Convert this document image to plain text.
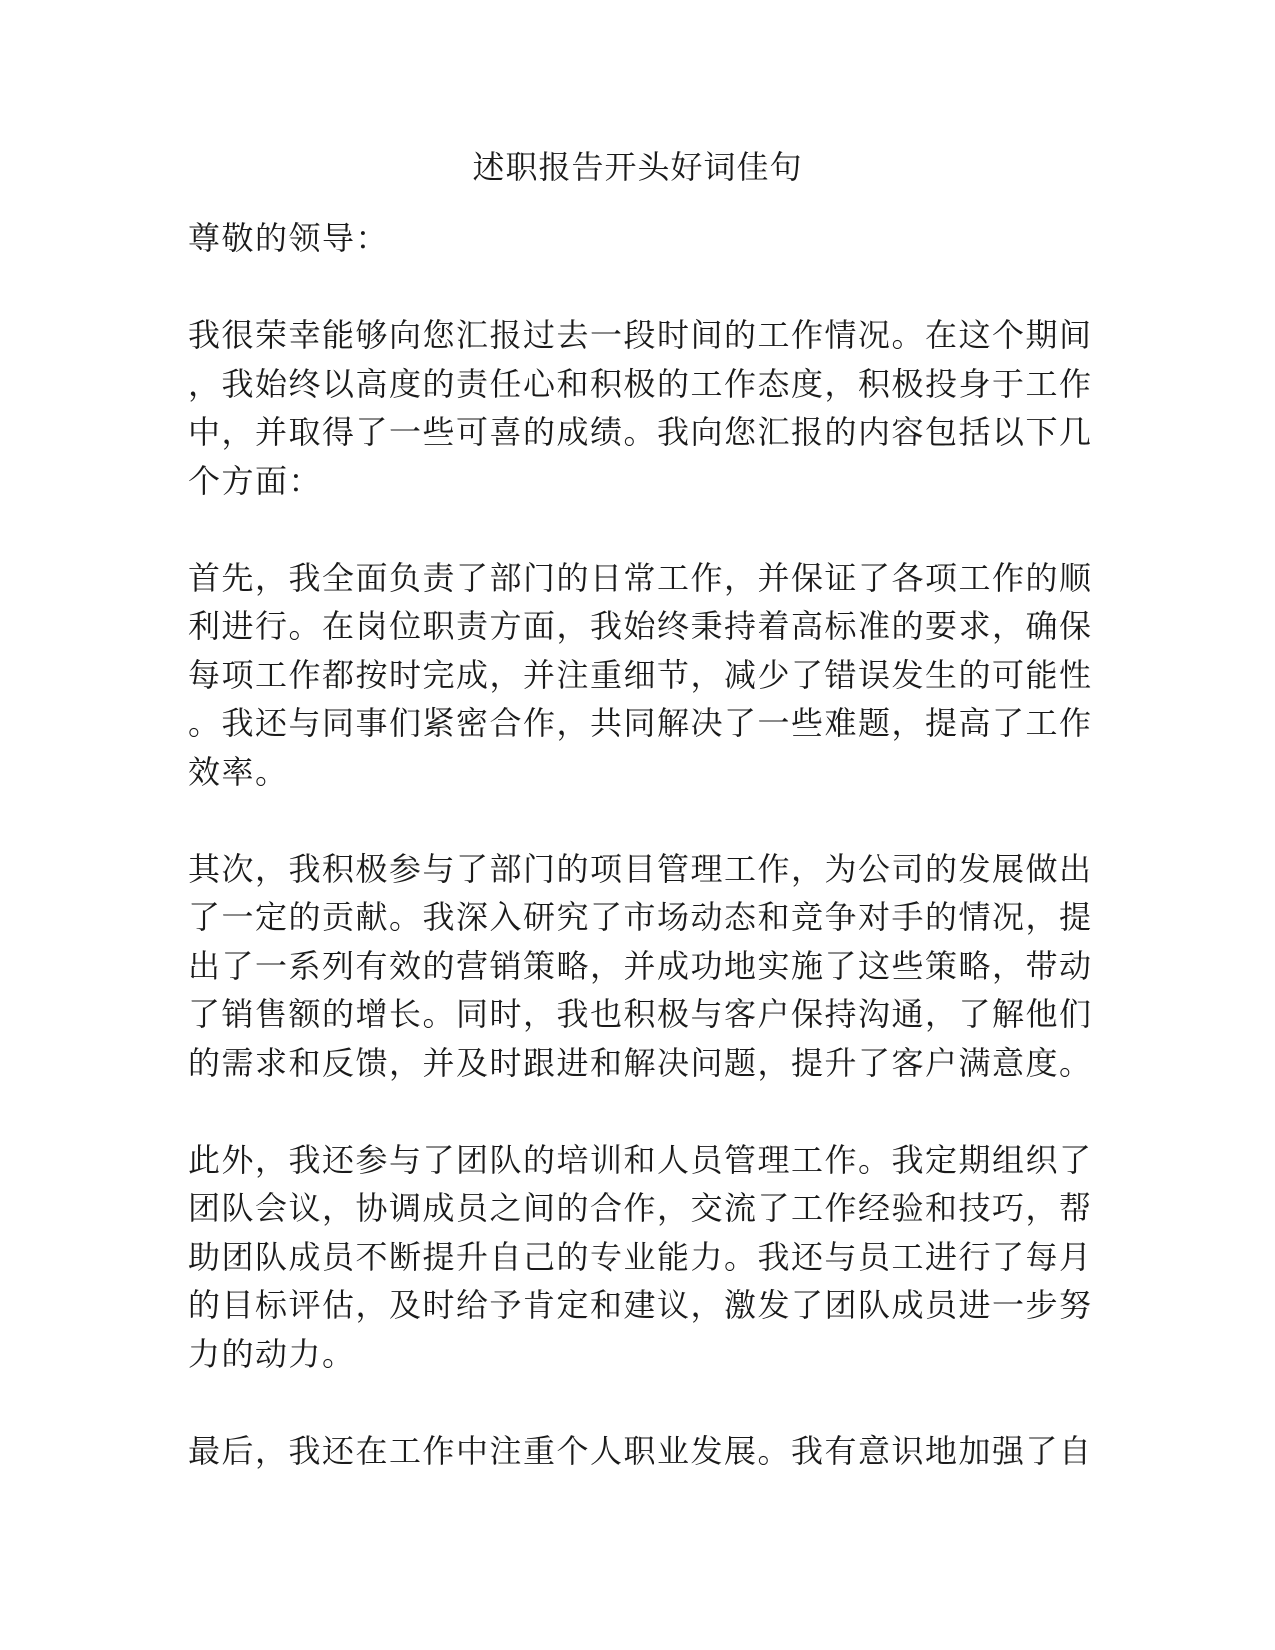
述职报告开头好词佳句

尊敬的领导：

我很荣幸能够向您汇报过去一段时间的工作情况。在这个期间
，我始终以高度的责任心和积极的工作态度，积极投身于工作
中，并取得了一些可喜的成绩。我向您汇报的内容包括以下几
个方面：

首先，我全面负责了部门的日常工作，并保证了各项工作的顺
利进行。在岗位职责方面，我始终秉持着高标准的要求，确保
每项工作都按时完成，并注重细节，减少了错误发生的可能性
。我还与同事们紧密合作，共同解决了一些难题，提高了工作
效率。

其次，我积极参与了部门的项目管理工作，为公司的发展做出
了一定的贡献。我深入研究了市场动态和竞争对手的情况，提
出了一系列有效的营销策略，并成功地实施了这些策略，带动
了销售额的增长。同时，我也积极与客户保持沟通，了解他们
的需求和反馈，并及时跟进和解决问题，提升了客户满意度。

此外，我还参与了团队的培训和人员管理工作。我定期组织了
团队会议，协调成员之间的合作，交流了工作经验和技巧，帮
助团队成员不断提升自己的专业能力。我还与员工进行了每月
的目标评估，及时给予肯定和建议，激发了团队成员进一步努
力的动力。

最后，我还在工作中注重个人职业发展。我有意识地加强了自
